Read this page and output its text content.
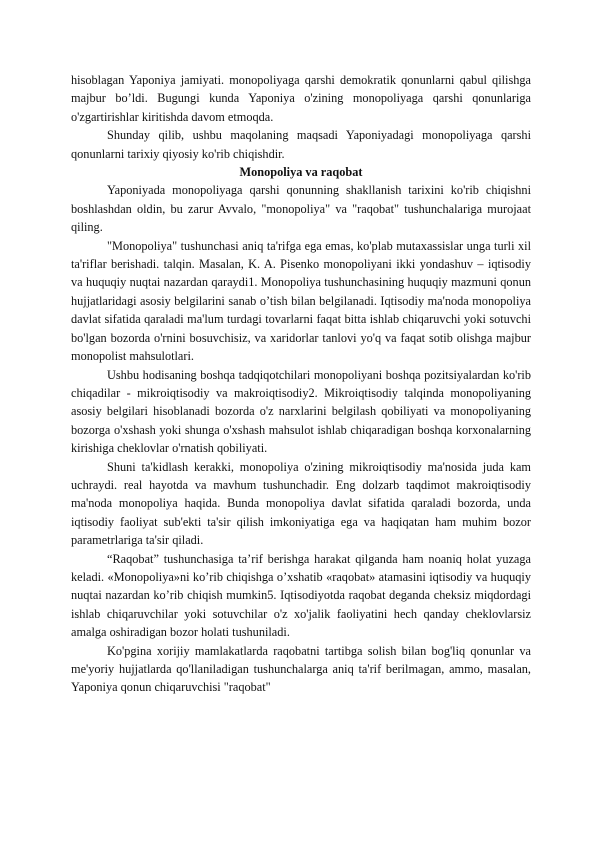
hisoblagan Yaponiya jamiyati. monopoliyaga qarshi demokratik qonunlarni qabul qilishga majbur bo’ldi. Bugungi kunda Yaponiya o'zining monopoliyaga qarshi qonunlariga o'zgartirishlar kiritishda davom etmoqda.

Shunday qilib, ushbu maqolaning maqsadi Yaponiyadagi monopoliyaga qarshi qonunlarni tarixiy qiyosiy ko'rib chiqishdir.

Monopoliya va raqobat

Yaponiyada monopoliyaga qarshi qonunning shakllanish tarixini ko'rib chiqishni boshlashdan oldin, bu zarur Avvalo, "monopoliya" va "raqobat" tushunchalariga murojaat qiling.

"Monopoliya" tushunchasi aniq ta'rifga ega emas, ko'plab mutaxassislar unga turli xil ta'riflar berishadi. talqin. Masalan, K. A. Pisenko monopoliyani ikki yondashuv – iqtisodiy va huquqiy nuqtai nazardan qaraydi1. Monopoliya tushunchasining huquqiy mazmuni qonun hujjatlaridagi asosiy belgilarini sanab o’tish bilan belgilanadi. Iqtisodiy ma'noda monopoliya davlat sifatida qaraladi ma'lum turdagi tovarlarni faqat bitta ishlab chiqaruvchi yoki sotuvchi bo'lgan bozorda o'rnini bosuvchisiz, va xaridorlar tanlovi yo'q va faqat sotib olishga majbur monopolist mahsulotlari.

Ushbu hodisaning boshqa tadqiqotchilari monopoliyani boshqa pozitsiyalardan ko'rib chiqadilar - mikroiqtisodiy va makroiqtisodiy2. Mikroiqtisodiy talqinda monopoliyaning asosiy belgilari hisoblanadi bozorda o'z narxlarini belgilash qobiliyati va monopoliyaning bozorga o'xshash yoki shunga o'xshash mahsulot ishlab chiqaradigan boshqa korxonalarning kirishiga cheklovlar o'rnatish qobiliyati.

Shuni ta'kidlash kerakki, monopoliya o'zining mikroiqtisodiy ma'nosida juda kam uchraydi. real hayotda va mavhum tushunchadir. Eng dolzarb taqdimot makroiqtisodiy ma'noda monopoliya haqida. Bunda monopoliya davlat sifatida qaraladi bozorda, unda iqtisodiy faoliyat sub'ekti ta'sir qilish imkoniyatiga ega va haqiqatan ham muhim bozor parametrlariga ta'sir qiladi.

“Raqobat” tushunchasiga ta’rif berishga harakat qilganda ham noaniq holat yuzaga keladi. «Monopoliya»ni ko’rib chiqishga o’xshatib «raqobat» atamasini iqtisodiy va huquqiy nuqtai nazardan ko’rib chiqish mumkin5. Iqtisodiyotda raqobat deganda cheksiz miqdordagi ishlab chiqaruvchilar yoki sotuvchilar o'z xo'jalik faoliyatini hech qanday cheklovlarsiz amalga oshiradigan bozor holati tushuniladi.

Ko'pgina xorijiy mamlakatlarda raqobatni tartibga solish bilan bog'liq qonunlar va me'yoriy hujjatlarda qo'llaniladigan tushunchalarga aniq ta'rif berilmagan, ammo, masalan, Yaponiya qonun chiqaruvchisi "raqobat"
